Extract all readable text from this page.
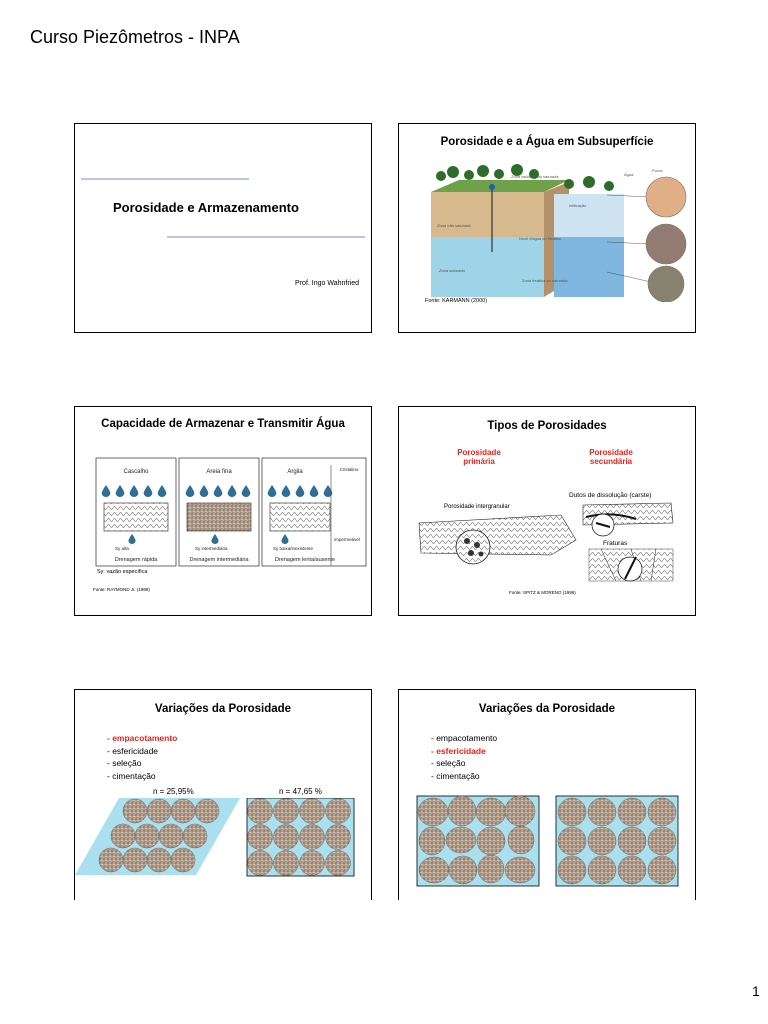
Curso Piezômetros - INPA
Porosidade e Armazenamento
Prof. Ingo Wahnfried
Porosidade e a Água em Subsuperfície
Zona não saturada
Zona saturada
Zona vadosa não saturada
Nível d'água ou freático
Zona freática ou saturada
Infiltração
Água
Poros
Fonte: KARMANN (2000)
Capacidade de Armazenar e Transmitir Água
Cascalho	Areia fina	Argila	Cristalino
impermeável
Sy alta	Sy intermediária	Sy baixa/inexistente
Drenagem rápida	Drenagem intermediária	Drenagem lenta/ausente
Sy: vazão específica
Fonte: RAYMOND Jr. (1988)
Tipos de Porosidades
Porosidade primária
Porosidade secundária
Porosidade intergranular
Dutos de dissolução (carste)
Fraturas
Fonte: SPITZ & MORENO (1996)
Variações da Porosidade
- empacotamento
- esfericidade
- seleção
- cimentação
n = 25,95%	n = 47,65 %
Variações da Porosidade
- empacotamento
- esfericidade
- seleção
- cimentação
1
